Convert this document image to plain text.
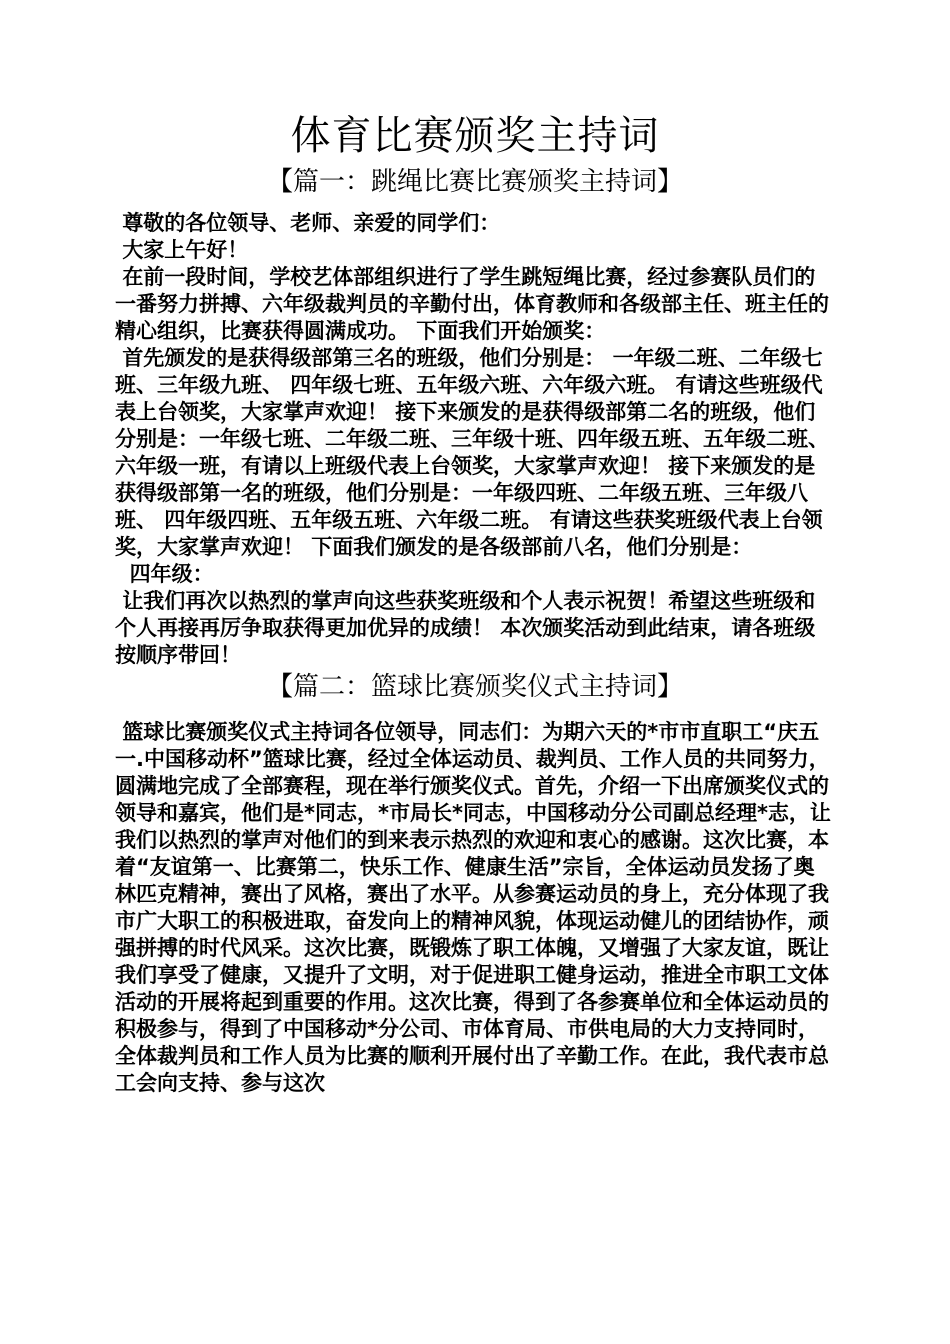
体育比赛颁奖主持词
【篇一：跳绳比赛比赛颁奖主持词】

尊敬的各位领导、老师、亲爱的同学们：

大家上午好！

在前一段时间，学校艺体部组织进行了学生跳短绳比赛，经过参赛队员们的一番努力拼搏、六年级裁判员的辛勤付出，体育教师和各级部主任、班主任的精心组织，比赛获得圆满成功。 下面我们开始颁奖：

首先颁发的是获得级部第三名的班级，他们分别是： 一年级二班、二年级七班、三年级九班、 四年级七班、五年级六班、六年级六班。 有请这些班级代表上台领奖，大家掌声欢迎！ 接下来颁发的是获得级部第二名的班级，他们分别是：一年级七班、二年级二班、三年级十班、四年级五班、五年级二班、六年级一班，有请以上班级代表上台领奖，大家掌声欢迎！ 接下来颁发的是获得级部第一名的班级，他们分别是：一年级四班、二年级五班、三年级八班、 四年级四班、五年级五班、六年级二班。 有请这些获奖班级代表上台领奖，大家掌声欢迎！ 下面我们颁发的是各级部前八名，他们分别是：

四年级：

让我们再次以热烈的掌声向这些获奖班级和个人表示祝贺！希望这些班级和个人再接再厉争取获得更加优异的成绩！ 本次颁奖活动到此结束，请各班级按顺序带回！

【篇二：篮球比赛颁奖仪式主持词】

篮球比赛颁奖仪式主持词各位领导，同志们：为期六天的*市市直职工“庆五一.中国移动杯”篮球比赛，经过全体运动员、裁判员、工作人员的共同努力，圆满地完成了全部赛程，现在举行颁奖仪式。首先，介绍一下出席颁奖仪式的领导和嘉宾，他们是*同志，*市局长*同志，中国移动分公司副总经理*志，让我们以热烈的掌声对他们的到来表示热烈的欢迎和衷心的感谢。这次比赛，本着“友谊第一、比赛第二，快乐工作、健康生活”宗旨，全体运动员发扬了奥林匹克精神，赛出了风格，赛出了水平。从参赛运动员的身上，充分体现了我市广大职工的积极进取，奋发向上的精神风貌，体现运动健儿的团结协作，顽强拼搏的时代风采。这次比赛，既锻炼了职工体魄，又增强了大家友谊，既让我们享受了健康，又提升了文明，对于促进职工健身运动，推进全市职工文体活动的开展将起到重要的作用。这次比赛，得到了各参赛单位和全体运动员的积极参与，得到了中国移动*分公司、市体育局、市供电局的大力支持同时，全体裁判员和工作人员为比赛的顺利开展付出了辛勤工作。在此，我代表市总工会向支持、参与这次
